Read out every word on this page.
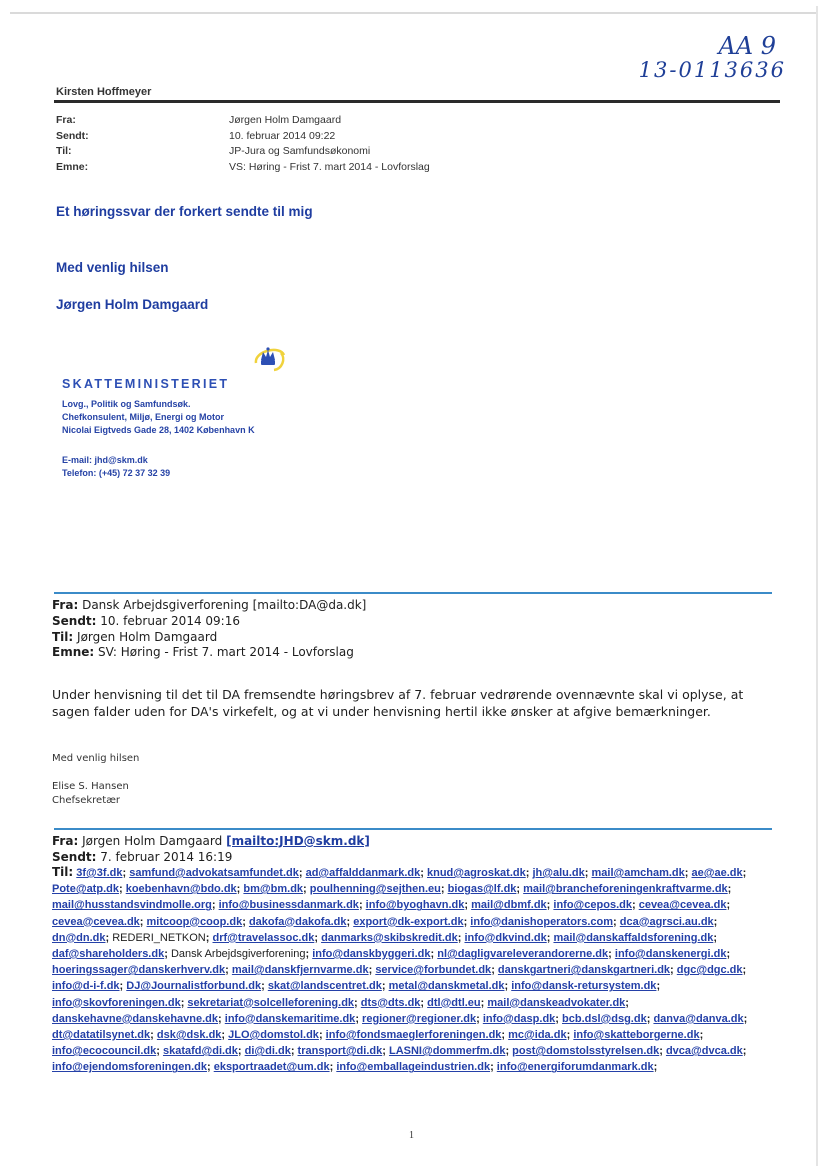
AA 9
13-0113636
Kirsten Hoffmeyer
Fra:	Jørgen Holm Damgaard
Sendt:	10. februar 2014 09:22
Til:	JP-Jura og Samfundsøkonomi
Emne:	VS: Høring - Frist 7. mart 2014 - Lovforslag
Et høringssvar der forkert sendte til mig
Med venlig hilsen
Jørgen Holm Damgaard
SKATTEMINISTERIET
Lovg., Politik og Samfundsøk.
Chefkonsulent, Miljø, Energi og Motor
Nicolai Eigtveds Gade 28, 1402 København K
E-mail: jhd@skm.dk
Telefon: (+45) 72 37 32 39
Fra: Dansk Arbejdsgiverforening [mailto:DA@da.dk]
Sendt: 10. februar 2014 09:16
Til: Jørgen Holm Damgaard
Emne: SV: Høring - Frist 7. mart 2014 - Lovforslag
Under henvisning til det til DA fremsendte høringsbrev af 7. februar vedrørende ovennævnte skal vi oplyse, at sagen falder uden for DA's virkefelt, og at vi under henvisning hertil ikke ønsker at afgive bemærkninger.
Med venlig hilsen
Elise S. Hansen
Chefsekretær
Fra: Jørgen Holm Damgaard [mailto:JHD@skm.dk]
Sendt: 7. februar 2014 16:19
Til: 3f@3f.dk; samfund@advokatsamfundet.dk; ad@affalddanmark.dk; knud@agroskat.dk; jh@alu.dk; mail@amcham.dk; ae@ae.dk; Pote@atp.dk; koebenhavn@bdo.dk; bm@bm.dk; poulhenning@sejthen.eu; biogas@lf.dk; mail@brancheforeningenkraftvarme.dk; mail@husstandsvindmolle.org; info@businessdanmark.dk; info@byoghavn.dk; mail@dbmf.dk; info@cepos.dk; cevea@cevea.dk; cevea@cevea.dk; mitcoop@coop.dk; dakofa@dakofa.dk; export@dk-export.dk; info@danishoperators.com; dca@agrsci.au.dk; dn@dn.dk; REDERI_NETKON; drf@travelassoc.dk; danmarks@skibskredit.dk; info@dkvind.dk; mail@danskaffaldsforening.dk; daf@shareholders.dk; Dansk Arbejdsgiverforening; info@danskbyggeri.dk; nl@dagligvareleverandorerne.dk; info@danskenergi.dk; hoeringssager@danskerhverv.dk; mail@danskfjernvarme.dk; service@forbundet.dk; danskgartneri@danskgartneri.dk; dgc@dgc.dk; info@d-i-f.dk; DJ@Journalistforbund.dk; skat@landscentret.dk; metal@danskmetal.dk; info@dansk-retursystem.dk; info@skovforeningen.dk; sekretariat@solcelleforening.dk; dts@dts.dk; dtl@dtl.eu; mail@danskeadvokater.dk; danskehavne@danskehavne.dk; info@danskemaritime.dk; regioner@regioner.dk; info@dasp.dk; bcb.dsl@dsg.dk; danva@danva.dk; dt@datatilsynet.dk; dsk@dsk.dk; JLO@domstol.dk; info@fondsmaeglerforeningen.dk; mc@ida.dk; info@skatteborgerne.dk; info@ecocouncil.dk; skatafd@di.dk; di@di.dk; transport@di.dk; LASNI@dommerfm.dk; post@domstolsstyrelsen.dk; dvca@dvca.dk; info@ejendomsforeningen.dk; eksportraadet@um.dk; info@emballageindustrien.dk; info@energiforumdanmark.dk;
1
